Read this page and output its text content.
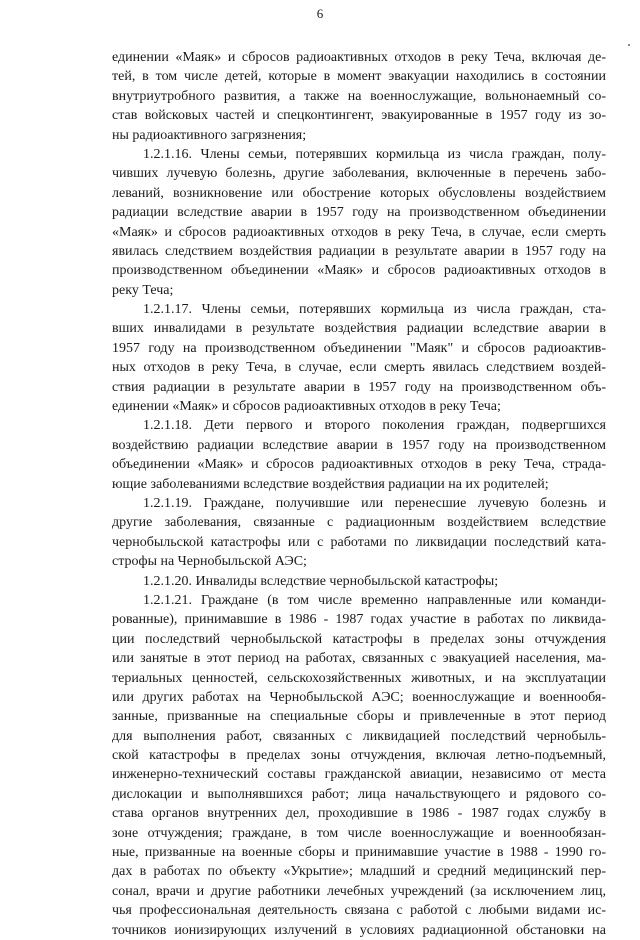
6
единении «Маяк» и сбросов радиоактивных отходов в реку Теча, включая де-
тей, в том числе детей, которые в момент эвакуации находились в состоянии
внутриутробного развития, а также на военнослужащие, вольнонаемный со-
став войсковых частей и спецконтингент, эвакуированные в 1957 году из зо-
ны радиоактивного загрязнения;
1.2.1.16. Члены семьи, потерявших кормильца из числа граждан, полу-
чивших лучевую болезнь, другие заболевания, включенные в перечень забо-
леваний, возникновение или обострение которых обусловлены воздействием
радиации вследствие аварии в 1957 году на производственном объединении
«Маяк» и сбросов радиоактивных отходов в реку Теча, в случае, если смерть
явилась следствием воздействия радиации в результате аварии в 1957 году на
производственном объединении «Маяк» и сбросов радиоактивных отходов в
реку Теча;
1.2.1.17. Члены семьи, потерявших кормильца из числа граждан, ста-
вших инвалидами в результате воздействия радиации вследствие аварии в
1957 году на производственном объединении "Маяк" и сбросов радиоактив-
ных отходов в реку Теча, в случае, если смерть явилась следствием воздей-
ствия радиации в результате аварии в 1957 году на производственном объ-
единении «Маяк» и сбросов радиоактивных отходов в реку Теча;
1.2.1.18. Дети первого и второго поколения граждан, подвергшихся
воздействию радиации вследствие аварии в 1957 году на производственном
объединении «Маяк» и сбросов радиоактивных отходов в реку Теча, страда-
ющие заболеваниями вследствие воздействия радиации на их родителей;
1.2.1.19. Граждане, получившие или перенесшие лучевую болезнь и
другие заболевания, связанные с радиационным воздействием вследствие
чернобыльской катастрофы или с работами по ликвидации последствий ката-
строфы на Чернобыльской АЭС;
1.2.1.20. Инвалиды вследствие чернобыльской катастрофы;
1.2.1.21. Граждане (в том числе временно направленные или команди-
рованные), принимавшие в 1986 - 1987 годах участие в работах по ликвида-
ции последствий чернобыльской катастрофы в пределах зоны отчуждения
или занятые в этот период на работах, связанных с эвакуацией населения, ма-
териальных ценностей, сельскохозяйственных животных, и на эксплуатации
или других работах на Чернобыльской АЭС; военнослужащие и военнообя-
занные, призванные на специальные сборы и привлеченные в этот период
для выполнения работ, связанных с ликвидацией последствий чернобыль-
ской катастрофы в пределах зоны отчуждения, включая летно-подъемный,
инженерно-технический составы гражданской авиации, независимо от места
дислокации и выполнявшихся работ; лица начальствующего и рядового со-
става органов внутренних дел, проходившие в 1986 - 1987 годах службу в
зоне отчуждения; граждане, в том числе военнослужащие и военнообязан-
ные, призванные на военные сборы и принимавшие участие в 1988 - 1990 го-
дах в работах по объекту «Укрытие»; младший и средний медицинский пер-
сонал, врачи и другие работники лечебных учреждений (за исключением лиц,
чья профессиональная деятельность связана с работой с любыми видами ис-
точников ионизирующих излучений в условиях радиационной обстановки на
